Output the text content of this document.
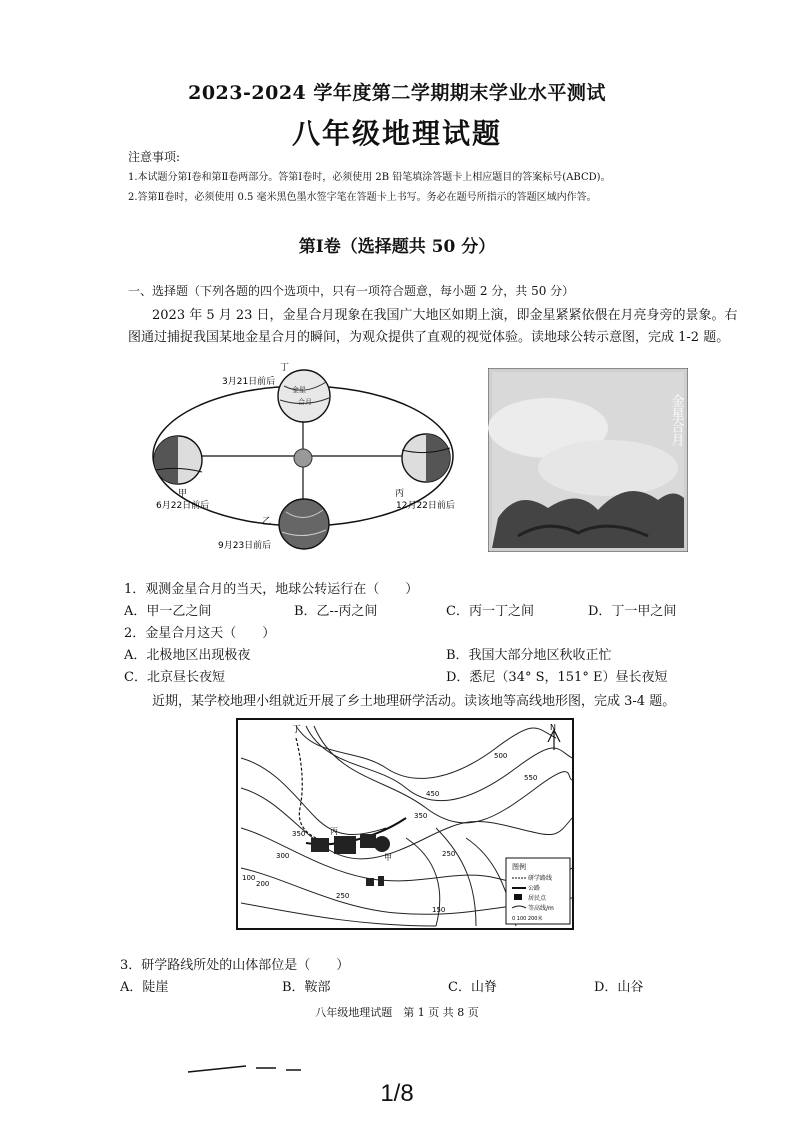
2023-2024 学年度第二学期期末学业水平测试
八年级地理试题
注意事项:
1.本试题分第Ⅰ卷和第Ⅱ卷两部分。答第Ⅰ卷时，必须使用 2B 铅笔填涂答题卡上相应题目的答案标号(ABCD)。
2.答第Ⅱ卷时，必须使用 0.5 毫米黑色墨水签字笔在答题卡上书写。务必在题号所指示的答题区域内作答。
第Ⅰ卷（选择题共 50 分）
一、选择题（下列各题的四个选项中，只有一项符合题意，每小题 2 分，共 50 分）
2023 年 5 月 23 日，金星合月现象在我国广大地区如期上演，即金星紧紧依偎在月亮身旁的景象。右
图通过捕捉我国某地金星合月的瞬间，为观众提供了直观的视觉体验。读地球公转示意图，完成 1-2 题。
金星
合月
丁
3月21日前后
甲
6月22日前后
乙
9月23日前后
丙
12月22日前后
金星合月
1．观测金星合月的当天，地球公转运行在（　　）
A．甲一乙之间	B．乙--丙之间	C．丙一丁之间	D．丁一甲之间
2．金星合月这天（　　）
A．北极地区出现极夜	B．我国大部分地区秋收正忙
C．北京昼长夜短	D．悉尼（34° S，151° E）昼长夜短
近期，某学校地理小组就近开展了乡土地理研学活动。读该地等高线地形图，完成 3-4 题。
丁
丙
甲
500
550
450
350
250
300
200
150
100
350
250
N
图例
研学路线
公路
居民点
等高线/m
0 100 200米
3．研学路线所处的山体部位是（　　）
A．陡崖	B．鞍部	C．山脊	D．山谷
八年级地理试题　第 1 页 共 8 页
1/8
